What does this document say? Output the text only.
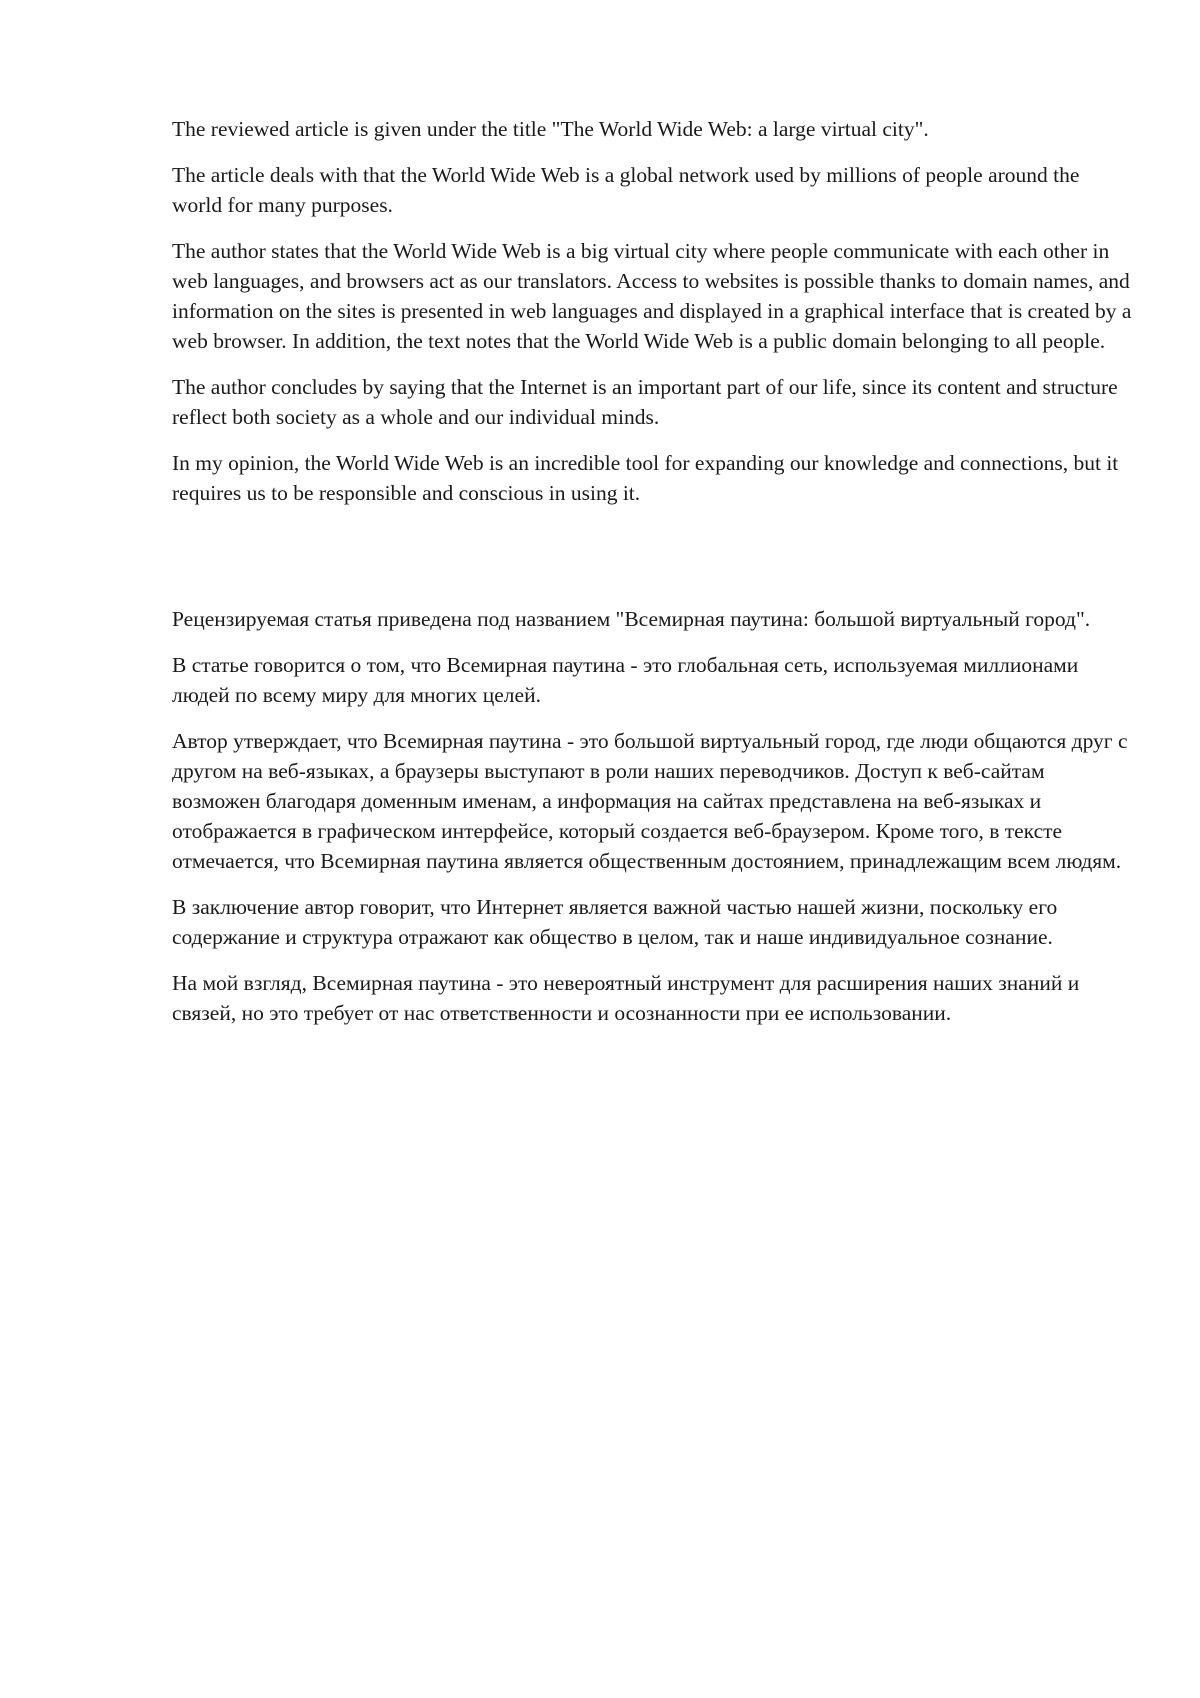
The reviewed article is given under the title "The World Wide Web: a large virtual city".

The article deals with that the World Wide Web is a global network used by millions of people around the world for many purposes.

The author states that the World Wide Web is a big virtual city where people communicate with each other in web languages, and browsers act as our translators. Access to websites is possible thanks to domain names, and information on the sites is presented in web languages and displayed in a graphical interface that is created by a web browser. In addition, the text notes that the World Wide Web is a public domain belonging to all people.

The author concludes by saying that the Internet is an important part of our life, since its content and structure reflect both society as a whole and our individual minds.

In my opinion, the World Wide Web is an incredible tool for expanding our knowledge and connections, but it requires us to be responsible and conscious in using it.

Рецензируемая статья приведена под названием "Всемирная паутина: большой виртуальный город".

В статье говорится о том, что Всемирная паутина - это глобальная сеть, используемая миллионами людей по всему миру для многих целей.

Автор утверждает, что Всемирная паутина - это большой виртуальный город, где люди общаются друг с другом на веб-языках, а браузеры выступают в роли наших переводчиков. Доступ к веб-сайтам возможен благодаря доменным именам, а информация на сайтах представлена на веб-языках и отображается в графическом интерфейсе, который создается веб-браузером. Кроме того, в тексте отмечается, что Всемирная паутина является общественным достоянием, принадлежащим всем людям.

В заключение автор говорит, что Интернет является важной частью нашей жизни, поскольку его содержание и структура отражают как общество в целом, так и наше индивидуальное сознание.

На мой взгляд, Всемирная паутина - это невероятный инструмент для расширения наших знаний и связей, но это требует от нас ответственности и осознанности при ее использовании.
